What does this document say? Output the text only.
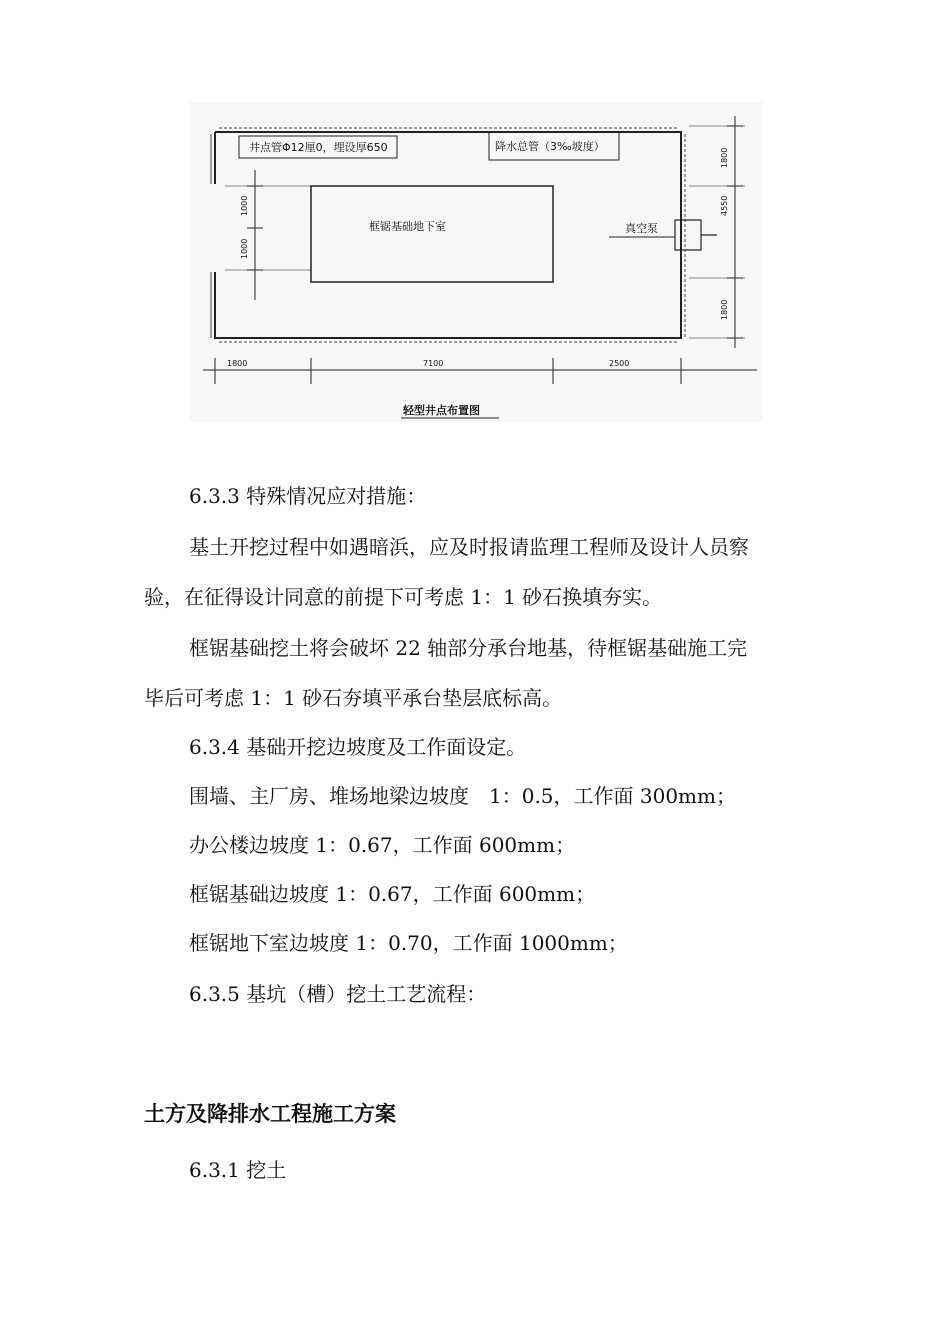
井点管Φ12厘0，埋设厚650	降水总管（3‰坡度）
框锯基础地下室	真空泵
1000
1000
1800
4550
1800
1800	7100	2500
轻型井点布置图
6.3.3 特殊情况应对措施：
基土开挖过程中如遇暗浜，应及时报请监理工程师及设计人员察
验，在征得设计同意的前提下可考虑 1：1 砂石换填夯实。
框锯基础挖土将会破坏 22 轴部分承台地基，待框锯基础施工完
毕后可考虑 1：1 砂石夯填平承台垫层底标高。
6.3.4 基础开挖边坡度及工作面设定。
围墙、主厂房、堆场地梁边坡度　1：0.5，工作面 300mm；
办公楼边坡度 1：0.67，工作面 600mm；
框锯基础边坡度 1：0.67，工作面 600mm；
框锯地下室边坡度 1：0.70，工作面 1000mm；
6.3.5 基坑（槽）挖土工艺流程：
土方及降排水工程施工方案
6.3.1 挖土
